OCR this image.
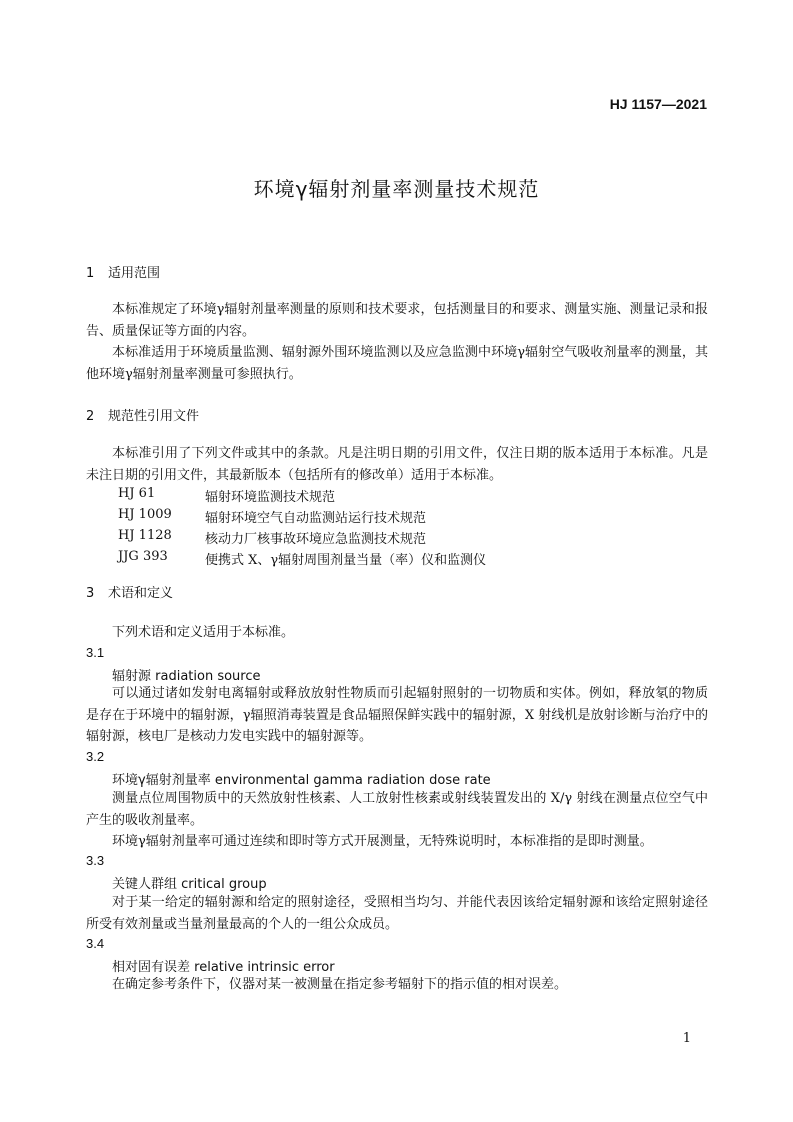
HJ 1157—2021
环境γ辐射剂量率测量技术规范
1 适用范围
本标准规定了环境γ辐射剂量率测量的原则和技术要求，包括测量目的和要求、测量实施、测量记录和报告、质量保证等方面的内容。
本标准适用于环境质量监测、辐射源外围环境监测以及应急监测中环境γ辐射空气吸收剂量率的测量，其他环境γ辐射剂量率测量可参照执行。
2 规范性引用文件
本标准引用了下列文件或其中的条款。凡是注明日期的引用文件，仅注日期的版本适用于本标准。凡是未注日期的引用文件，其最新版本（包括所有的修改单）适用于本标准。
HJ 61	辐射环境监测技术规范
HJ 1009	辐射环境空气自动监测站运行技术规范
HJ 1128	核动力厂核事故环境应急监测技术规范
JJG 393	便携式 X、γ辐射周围剂量当量（率）仪和监测仪
3 术语和定义
下列术语和定义适用于本标准。
3.1
辐射源 radiation source
可以通过诸如发射电离辐射或释放放射性物质而引起辐射照射的一切物质和实体。例如，释放氡的物质是存在于环境中的辐射源，γ辐照消毒装置是食品辐照保鲜实践中的辐射源，X 射线机是放射诊断与治疗中的辐射源，核电厂是核动力发电实践中的辐射源等。
3.2
环境γ辐射剂量率 environmental gamma radiation dose rate
测量点位周围物质中的天然放射性核素、人工放射性核素或射线装置发出的 X/γ 射线在测量点位空气中产生的吸收剂量率。
环境γ辐射剂量率可通过连续和即时等方式开展测量，无特殊说明时，本标准指的是即时测量。
3.3
关键人群组 critical group
对于某一给定的辐射源和给定的照射途径，受照相当均匀、并能代表因该给定辐射源和该给定照射途径所受有效剂量或当量剂量最高的个人的一组公众成员。
3.4
相对固有误差 relative intrinsic error
在确定参考条件下，仪器对某一被测量在指定参考辐射下的指示值的相对误差。
1
